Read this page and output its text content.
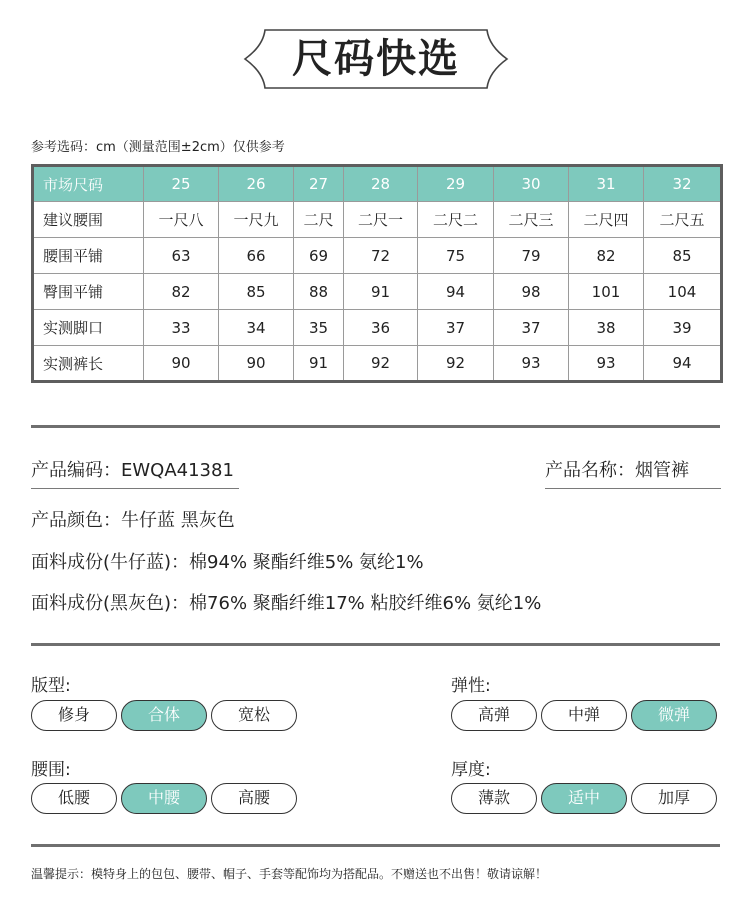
尺码快选
参考选码：cm（测量范围±2cm）仅供参考
市场尺码	25	26	27	28	29	30	31	32
建议腰围	一尺八	一尺九	二尺	二尺一	二尺二	二尺三	二尺四	二尺五
腰围平铺	63	66	69	72	75	79	82	85
臀围平铺	82	85	88	91	94	98	101	104
实测脚口	33	34	35	36	37	37	38	39
实测裤长	90	90	91	92	92	93	93	94
产品编码：EWQA41381	产品名称：烟管裤
产品颜色：牛仔蓝 黑灰色
面料成份(牛仔蓝)：棉94% 聚酯纤维5% 氨纶1%
面料成份(黑灰色)：棉76% 聚酯纤维17% 粘胶纤维6% 氨纶1%
版型:
修身	合体	宽松
弹性:
高弹	中弹	微弹
腰围:
低腰	中腰	高腰
厚度:
薄款	适中	加厚
温馨提示：模特身上的包包、腰带、帽子、手套等配饰均为搭配品。不赠送也不出售！敬请谅解！
